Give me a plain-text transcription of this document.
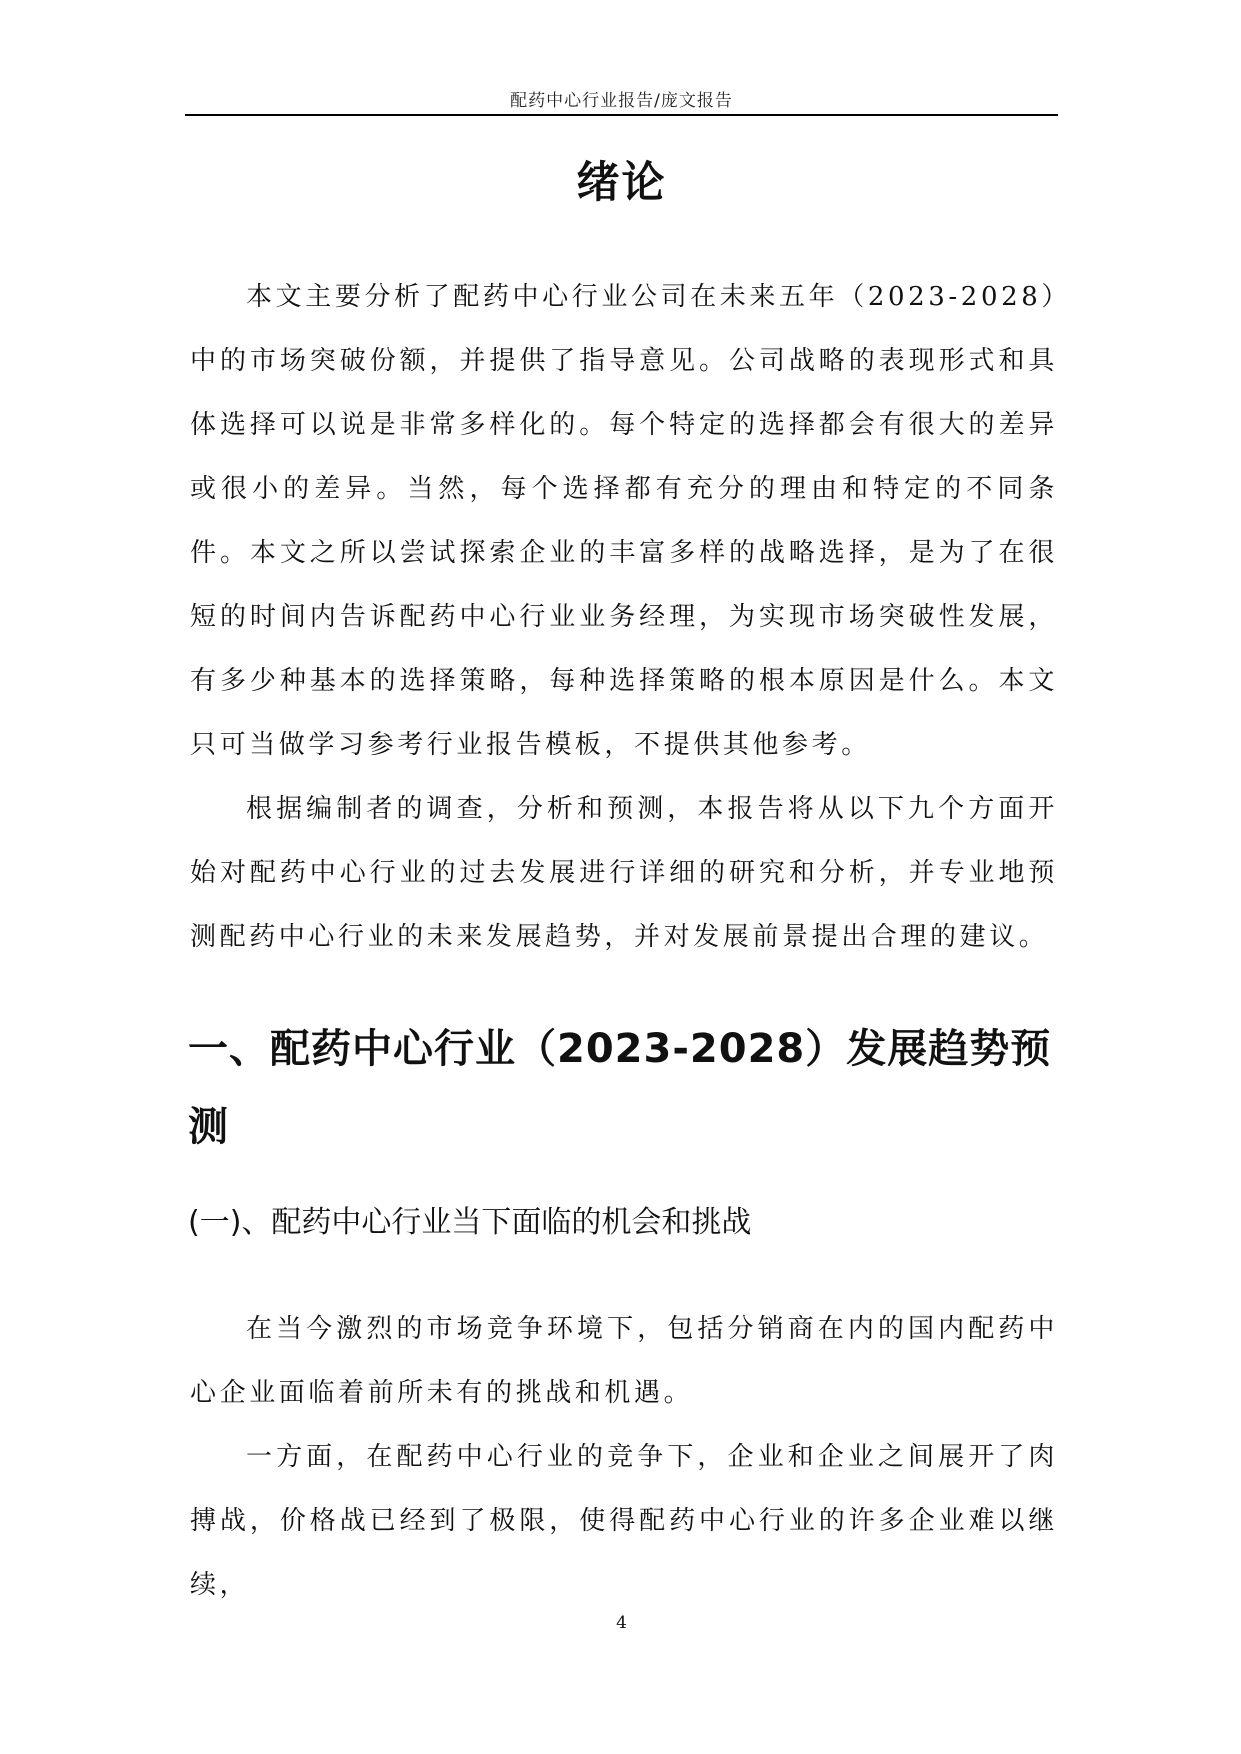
配药中心行业报告/庞文报告
绪论

本文主要分析了配药中心行业公司在未来五年（2023-2028）中的市场突破份额，并提供了指导意见。公司战略的表现形式和具体选择可以说是非常多样化的。每个特定的选择都会有很大的差异或很小的差异。当然，每个选择都有充分的理由和特定的不同条件。本文之所以尝试探索企业的丰富多样的战略选择，是为了在很短的时间内告诉配药中心行业业务经理，为实现市场突破性发展，有多少种基本的选择策略，每种选择策略的根本原因是什么。本文只可当做学习参考行业报告模板，不提供其他参考。

根据编制者的调查，分析和预测，本报告将从以下九个方面开始对配药中心行业的过去发展进行详细的研究和分析，并专业地预测配药中心行业的未来发展趋势，并对发展前景提出合理的建议。

一、配药中心行业（2023-2028）发展趋势预测
(一)、配药中心行业当下面临的机会和挑战

在当今激烈的市场竞争环境下，包括分销商在内的国内配药中心企业面临着前所未有的挑战和机遇。

一方面，在配药中心行业的竞争下，企业和企业之间展开了肉搏战，价格战已经到了极限，使得配药中心行业的许多企业难以继续，

4
